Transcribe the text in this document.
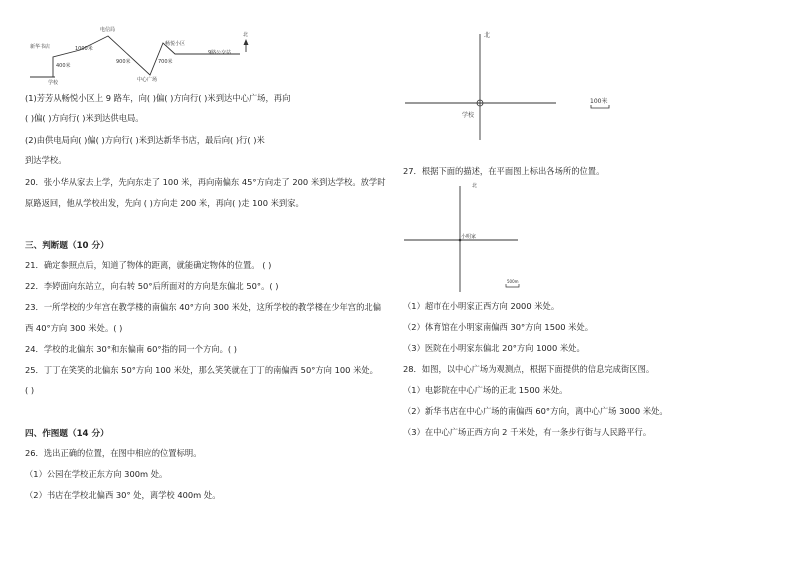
北
新华书店
电信局
1000米
400米
学校
900米
中心广场
畅悦小区
700米
9路公交站
(1)芳芳从畅悦小区上 9 路车，向( )偏( )方向行( )米到达中心广场，再向
( )偏( )方向行( )米到达供电局。
(2)由供电局向( )偏( )方向行( )米到达新华书店，最后向( )行( )米
到达学校。
20．张小华从家去上学，先向东走了 100 米，再向南偏东 45°方向走了 200 米到达学校。放学时
原路返回，他从学校出发，先向 ( )方向走 200 米，再向( )走 100 米到家。
三、判断题（10 分）
21．确定参照点后，知道了物体的距离，就能确定物体的位置。 ( )
22．李婷面向东站立，向右转 50°后所面对的方向是东偏北 50°。( )
23．一所学校的少年宫在教学楼的南偏东 40°方向 300 米处，这所学校的教学楼在少年宫的北偏
西 40°方向 300 米处。( )
24．学校的北偏东 30°和东偏南 60°指的同一个方向。( )
25．丁丁在笑笑的北偏东 50°方向 100 米处，那么笑笑就在丁丁的南偏西 50°方向 100 米处。
( )
四、作图题（14 分）
26．选出正确的位置，在图中相应的位置标明。
（1）公园在学校正东方向 300m 处。
（2）书店在学校北偏西 30° 处，离学校 400m 处。
北
学校
100米
27．根据下面的描述，在平面图上标出各场所的位置。
北
小明家
500m
（1）超市在小明家正西方向 2000 米处。
（2）体育馆在小明家南偏西 30°方向 1500 米处。
（3）医院在小明家东偏北 20°方向 1000 米处。
28．如图，以中心广场为观测点，根据下面提供的信息完成街区图。
（1）电影院在中心广场的正北 1500 米处。
（2）新华书店在中心广场的南偏西 60°方向，离中心广场 3000 米处。
（3）在中心广场正西方向 2 千米处，有一条步行街与人民路平行。
